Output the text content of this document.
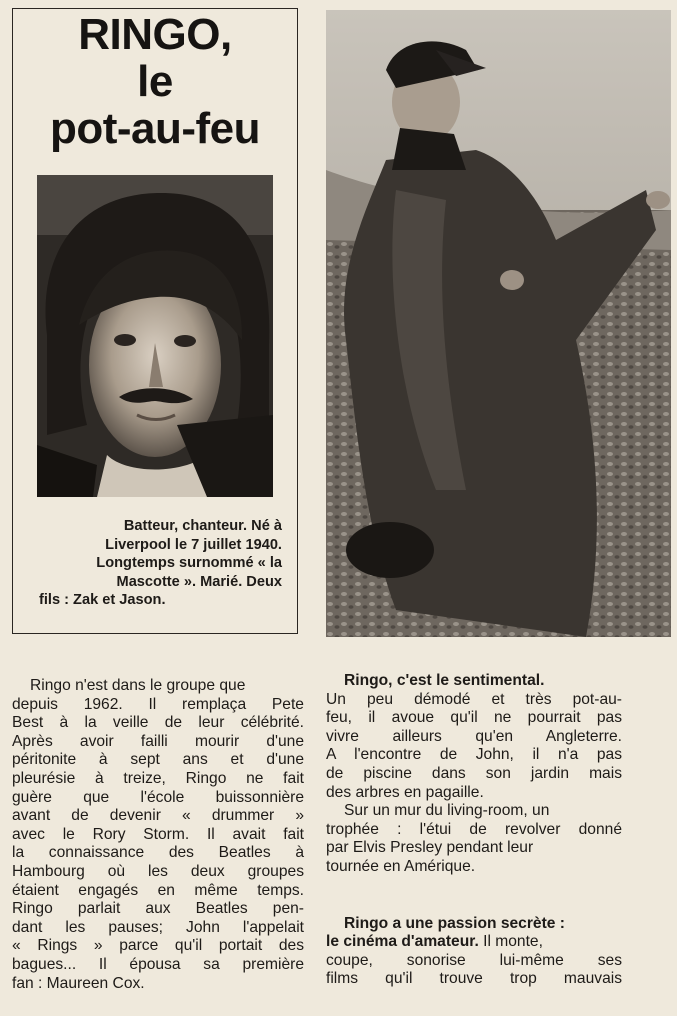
RINGO,
le
pot-au-feu
Batteur, chanteur. Né à
Liverpool le 7 juillet 1940.
Longtemps surnommé « la
Mascotte ». Marié. Deux
fils : Zak et Jason.
Ringo n'est dans le groupe que
depuis 1962. Il remplaça Pete
Best à la veille de leur célébrité.
Après avoir failli mourir d'une
péritonite à sept ans et d'une
pleurésie à treize, Ringo ne fait
guère que l'école buissonnière
avant de devenir « drummer »
avec le Rory Storm. Il avait fait
la connaissance des Beatles à
Hambourg où les deux groupes
étaient engagés en même temps.
Ringo parlait aux Beatles pen-
dant les pauses; John l'appelait
« Rings » parce qu'il portait des
bagues... Il épousa sa première
fan : Maureen Cox.
Ringo, c'est le sentimental.
Un peu démodé et très pot-au-
feu, il avoue qu'il ne pourrait pas
vivre ailleurs qu'en Angleterre.
A l'encontre de John, il n'a pas
de piscine dans son jardin mais
des arbres en pagaille.
Sur un mur du living-room, un
trophée : l'étui de revolver donné
par Elvis Presley pendant leur
tournée en Amérique.
Ringo a une passion secrète :
le cinéma d'amateur. Il monte,
coupe, sonorise lui-même ses
films qu'il trouve trop mauvais
